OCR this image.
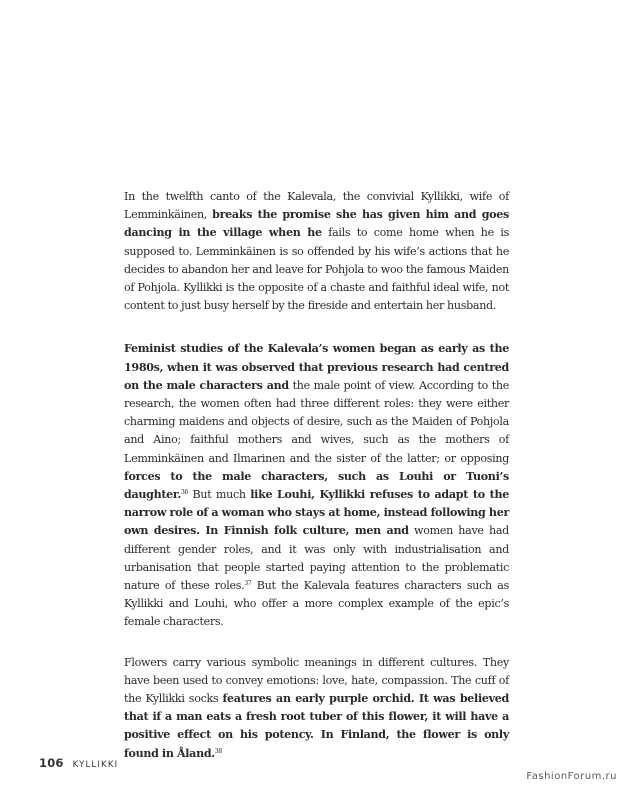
In the twelfth canto of the Kalevala, the convivial Kyllikki, wife of Lemminkäinen, breaks the promise she has given him and goes dancing in the village when he fails to come home when he is supposed to. Lemminkäinen is so offended by his wife’s actions that he decides to abandon her and leave for Pohjola to woo the famous Maiden of Pohjola. Kyllikki is the opposite of a chaste and faithful ideal wife, not content to just busy herself by the fireside and entertain her husband.

Feminist studies of the Kalevala’s women began as early as the 1980s, when it was observed that previous research had centred on the male characters and the male point of view. According to the research, the women often had three different roles: they were either charming maidens and objects of desire, such as the Maiden of Pohjola and Aino; faithful mothers and wives, such as the mothers of Lemminkäinen and Ilmarinen and the sister of the latter; or opposing forces to the male characters, such as Louhi or Tuoni’s daughter.$^{36}$ But much like Louhi, Kyllikki refuses to adapt to the narrow role of a woman who stays at home, instead following her own desires. In Finnish folk culture, men and women have had different gender roles, and it was only with industrialisation and urbanisation that people started paying attention to the problematic nature of these roles.$^{37}$ But the Kalevala features characters such as Kyllikki and Louhi, who offer a more complex example of the epic’s female characters.

Flowers carry various symbolic meanings in different cultures. They have been used to convey emotions: love, hate, compassion. The cuff of the Kyllikki socks features an early purple orchid. It was believed that if a man eats a fresh root tuber of this flower, it will have a positive effect on his potency. In Finland, the flower is only found in Åland.$^{38}$

106 KYLLIKKI
FashionForum.ru
